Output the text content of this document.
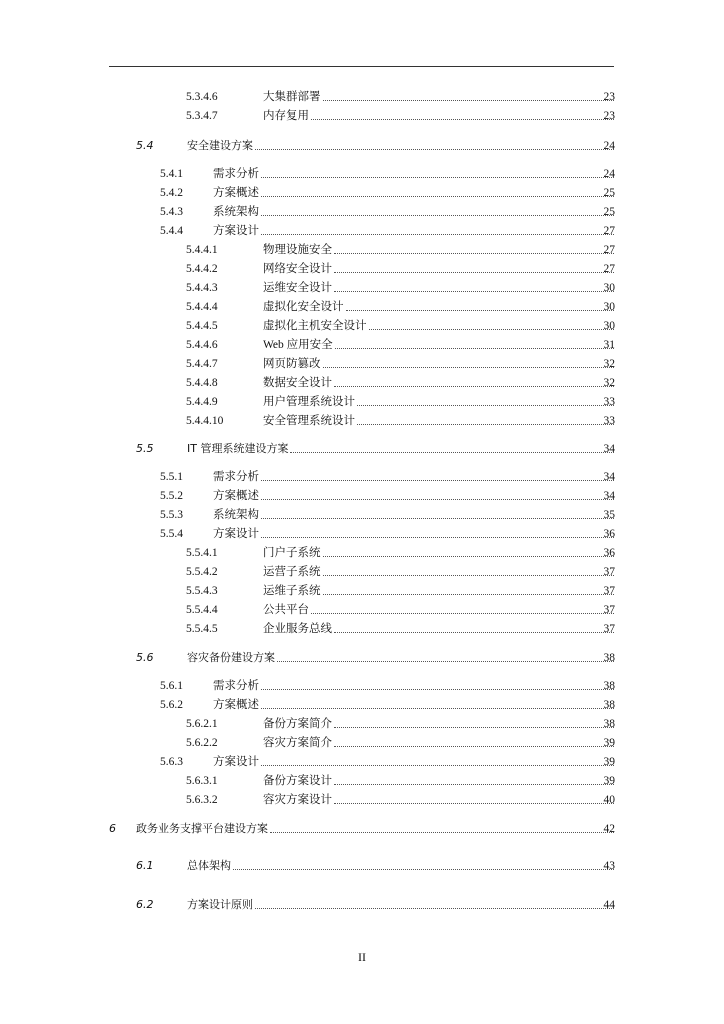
5.3.4.6	大集群部署	23
5.3.4.7	内存复用	23
5.4	安全建设方案	24
5.4.1	需求分析	24
5.4.2	方案概述	25
5.4.3	系统架构	25
5.4.4	方案设计	27
5.4.4.1	物理设施安全	27
5.4.4.2	网络安全设计	27
5.4.4.3	运维安全设计	30
5.4.4.4	虚拟化安全设计	30
5.4.4.5	虚拟化主机安全设计	30
5.4.4.6	Web 应用安全	31
5.4.4.7	网页防篡改	32
5.4.4.8	数据安全设计	32
5.4.4.9	用户管理系统设计	33
5.4.4.10	安全管理系统设计	33
5.5	IT 管理系统建设方案	34
5.5.1	需求分析	34
5.5.2	方案概述	34
5.5.3	系统架构	35
5.5.4	方案设计	36
5.5.4.1	门户子系统	36
5.5.4.2	运营子系统	37
5.5.4.3	运维子系统	37
5.5.4.4	公共平台	37
5.5.4.5	企业服务总线	37
5.6	容灾备份建设方案	38
5.6.1	需求分析	38
5.6.2	方案概述	38
5.6.2.1	备份方案简介	38
5.6.2.2	容灾方案简介	39
5.6.3	方案设计	39
5.6.3.1	备份方案设计	39
5.6.3.2	容灾方案设计	40
6 政务业务支撑平台建设方案	42
6.1	总体架构	43
6.2	方案设计原则	44
II
